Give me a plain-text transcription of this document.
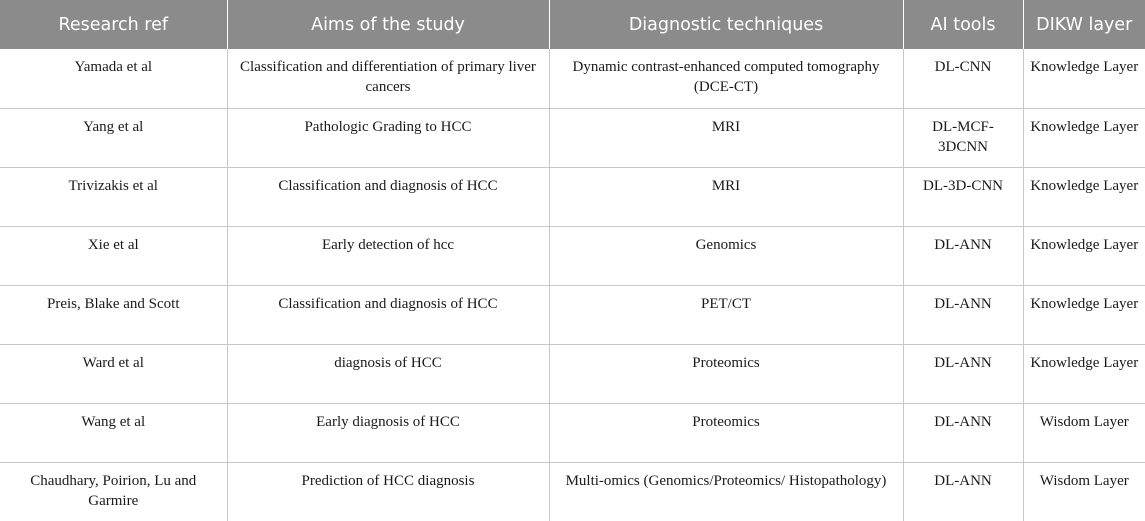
Research ref	Aims of the study	Diagnostic techniques	AI tools	DIKW layer
Yamada et al	Classification and differentiation of primary liver cancers	Dynamic contrast-enhanced computed tomography (DCE-CT)	DL-CNN	Knowledge Layer
Yang et al	Pathologic Grading to HCC	MRI	DL-MCF-3DCNN	Knowledge Layer
Trivizakis et al	Classification and diagnosis of HCC	MRI	DL-3D-CNN	Knowledge Layer
Xie et al	Early detection of hcc	Genomics	DL-ANN	Knowledge Layer
Preis, Blake and Scott	Classification and diagnosis of HCC	PET/CT	DL-ANN	Knowledge Layer
Ward et al	diagnosis of HCC	Proteomics	DL-ANN	Knowledge Layer
Wang et al	Early diagnosis of HCC	Proteomics	DL-ANN	Wisdom Layer
Chaudhary, Poirion, Lu and Garmire	Prediction of HCC diagnosis	Multi-omics (Genomics/Proteomics/ Histopathology)	DL-ANN	Wisdom Layer
